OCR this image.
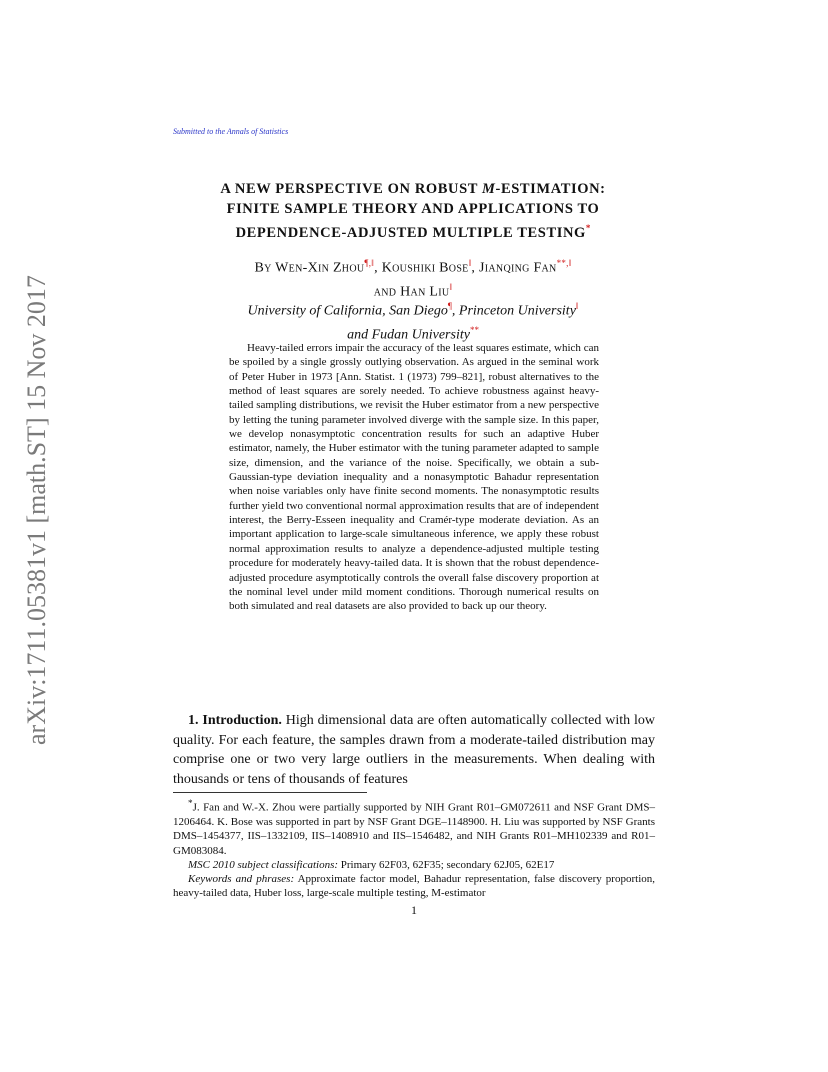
arXiv:1711.05381v1 [math.ST] 15 Nov 2017
Submitted to the Annals of Statistics
A NEW PERSPECTIVE ON ROBUST M-ESTIMATION:
FINITE SAMPLE THEORY AND APPLICATIONS TO
DEPENDENCE-ADJUSTED MULTIPLE TESTING*
By Wen-Xin Zhou¶,‖, Koushiki Bose‖, Jianqing Fan**,‖
and Han Liu‖
University of California, San Diego¶, Princeton University‖
and Fudan University**
Heavy-tailed errors impair the accuracy of the least squares estimate, which can be spoiled by a single grossly outlying observation. As argued in the seminal work of Peter Huber in 1973 [Ann. Statist. 1 (1973) 799–821], robust alternatives to the method of least squares are sorely needed. To achieve robustness against heavy-tailed sampling distributions, we revisit the Huber estimator from a new perspective by letting the tuning parameter involved diverge with the sample size. In this paper, we develop nonasymptotic concentration results for such an adaptive Huber estimator, namely, the Huber estimator with the tuning parameter adapted to sample size, dimension, and the variance of the noise. Specifically, we obtain a sub-Gaussian-type deviation inequality and a nonasymptotic Bahadur representation when noise variables only have finite second moments. The nonasymptotic results further yield two conventional normal approximation results that are of independent interest, the Berry-Esseen inequality and Cramér-type moderate deviation. As an important application to large-scale simultaneous inference, we apply these robust normal approximation results to analyze a dependence-adjusted multiple testing procedure for moderately heavy-tailed data. It is shown that the robust dependence-adjusted procedure asymptotically controls the overall false discovery proportion at the nominal level under mild moment conditions. Thorough numerical results on both simulated and real datasets are also provided to back up our theory.
1. Introduction. High dimensional data are often automatically collected with low quality. For each feature, the samples drawn from a moderate-tailed distribution may comprise one or two very large outliers in the measurements. When dealing with thousands or tens of thousands of features

*J. Fan and W.-X. Zhou were partially supported by NIH Grant R01–GM072611 and NSF Grant DMS–1206464. K. Bose was supported in part by NSF Grant DGE–1148900. H. Liu was supported by NSF Grants DMS–1454377, IIS–1332109, IIS–1408910 and IIS–1546482, and NIH Grants R01–MH102339 and R01–GM083084.

MSC 2010 subject classifications: Primary 62F03, 62F35; secondary 62J05, 62E17

Keywords and phrases: Approximate factor model, Bahadur representation, false discovery proportion, heavy-tailed data, Huber loss, large-scale multiple testing, M-estimator

1
